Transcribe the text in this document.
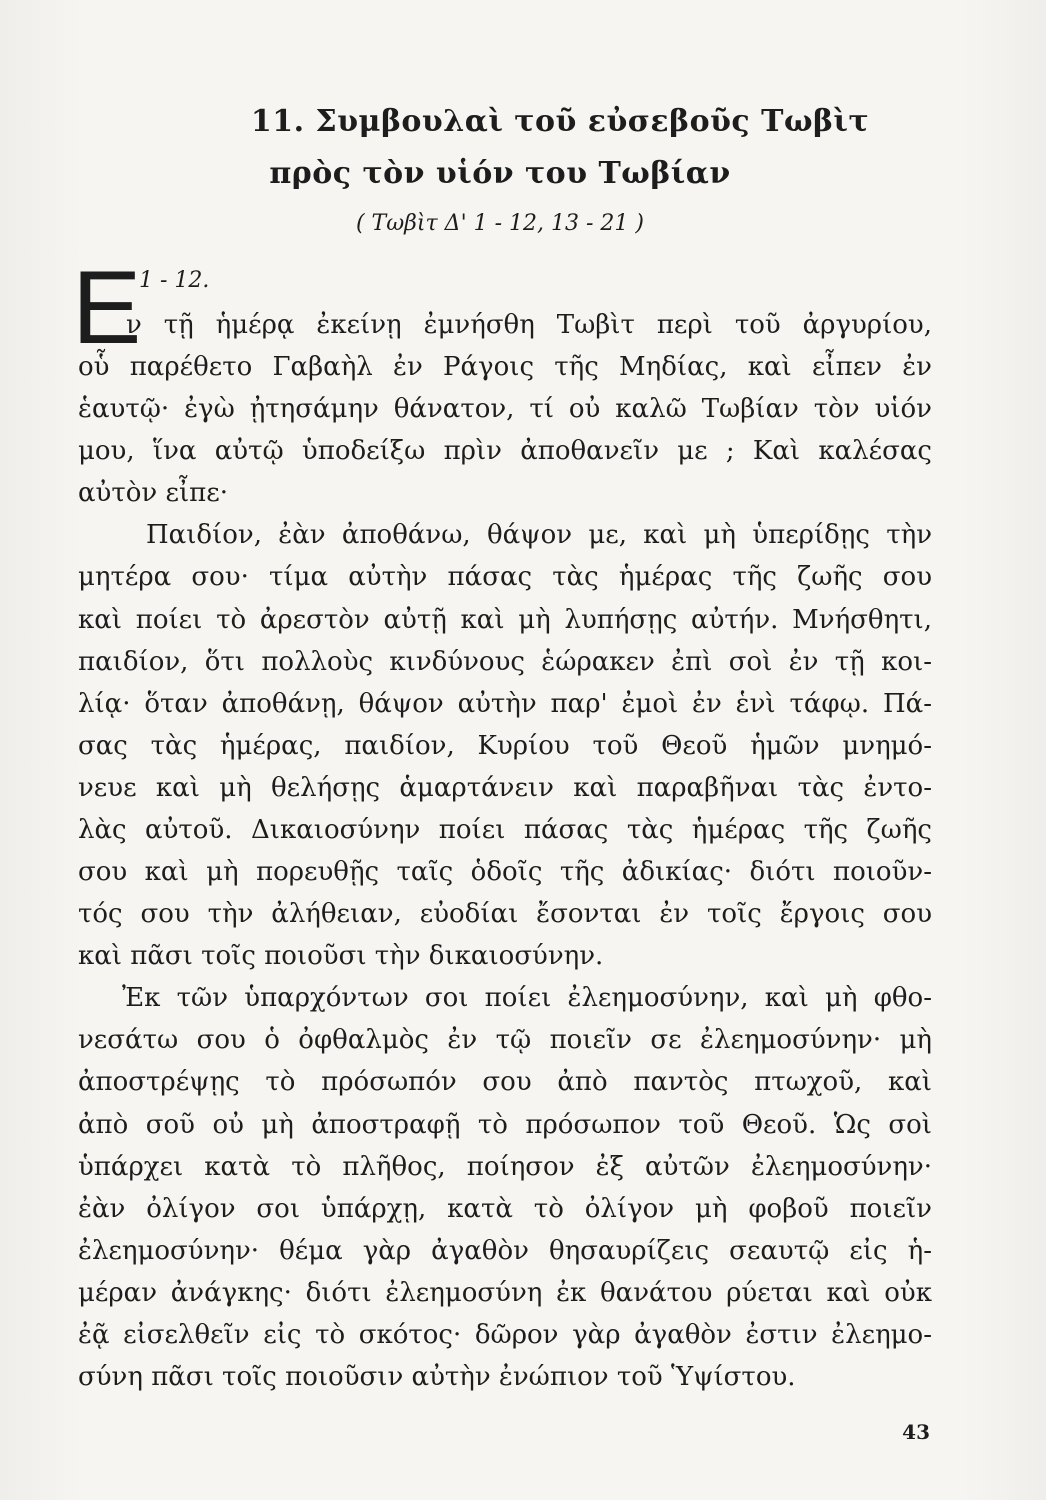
11. Συμβουλαὶ τοῦ εὐσεβοῦς Τωβὶτ
πρὸς τὸν υἱόν του Τωβίαν
( Τωβὶτ Δ' 1 - 12, 13 - 21 )
Ε
1 - 12.
ν τῇ ἡμέρᾳ ἐκείνῃ ἐμνήσθη Τωβὶτ περὶ τοῦ ἀργυρίου,
οὗ παρέθετο Γαβαὴλ ἐν Ράγοις τῆς Μηδίας, καὶ εἶπεν ἐν
ἑαυτῷ· ἐγὼ ᾐτησάμην θάνατον, τί οὐ καλῶ Τωβίαν τὸν υἱόν
μου, ἵνα αὐτῷ ὑποδείξω πρὶν ἀποθανεῖν με ; Καὶ καλέσας
αὐτὸν εἶπε·
Παιδίον, ἐὰν ἀποθάνω, θάψον με, καὶ μὴ ὑπερίδῃς τὴν
μητέρα σου· τίμα αὐτὴν πάσας τὰς ἡμέρας τῆς ζωῆς σου
καὶ ποίει τὸ ἀρεστὸν αὐτῇ καὶ μὴ λυπήσῃς αὐτήν. Μνήσθητι,
παιδίον, ὅτι πολλοὺς κινδύνους ἑώρακεν ἐπὶ σοὶ ἐν τῇ κοι-
λίᾳ· ὅταν ἀποθάνῃ, θάψον αὐτὴν παρ' ἐμοὶ ἐν ἑνὶ τάφῳ. Πά-
σας τὰς ἡμέρας, παιδίον, Κυρίου τοῦ Θεοῦ ἡμῶν μνημό-
νευε καὶ μὴ θελήσῃς ἁμαρτάνειν καὶ παραβῆναι τὰς ἐντο-
λὰς αὐτοῦ. Δικαιοσύνην ποίει πάσας τὰς ἡμέρας τῆς ζωῆς
σου καὶ μὴ πορευθῇς ταῖς ὁδοῖς τῆς ἀδικίας· διότι ποιοῦν-
τός σου τὴν ἀλήθειαν, εὐοδίαι ἔσονται ἐν τοῖς ἔργοις σου
καὶ πᾶσι τοῖς ποιοῦσι τὴν δικαιοσύνην.
Ἐκ τῶν ὑπαρχόντων σοι ποίει ἐλεημοσύνην, καὶ μὴ φθο-
νεσάτω σου ὁ ὀφθαλμὸς ἐν τῷ ποιεῖν σε ἐλεημοσύνην· μὴ
ἀποστρέψῃς τὸ πρόσωπόν σου ἀπὸ παντὸς πτωχοῦ, καὶ
ἀπὸ σοῦ οὐ μὴ ἀποστραφῇ τὸ πρόσωπον τοῦ Θεοῦ. Ὡς σοὶ
ὑπάρχει κατὰ τὸ πλῆθος, ποίησον ἐξ αὐτῶν ἐλεημοσύνην·
ἐὰν ὀλίγον σοι ὑπάρχῃ, κατὰ τὸ ὀλίγον μὴ φοβοῦ ποιεῖν
ἐλεημοσύνην· θέμα γὰρ ἀγαθὸν θησαυρίζεις σεαυτῷ εἰς ἡ-
μέραν ἀνάγκης· διότι ἐλεημοσύνη ἐκ θανάτου ρύεται καὶ οὐκ
ἐᾷ εἰσελθεῖν εἰς τὸ σκότος· δῶρον γὰρ ἀγαθὸν ἐστιν ἐλεημο-
σύνη πᾶσι τοῖς ποιοῦσιν αὐτὴν ἐνώπιον τοῦ Ὑψίστου.
43
